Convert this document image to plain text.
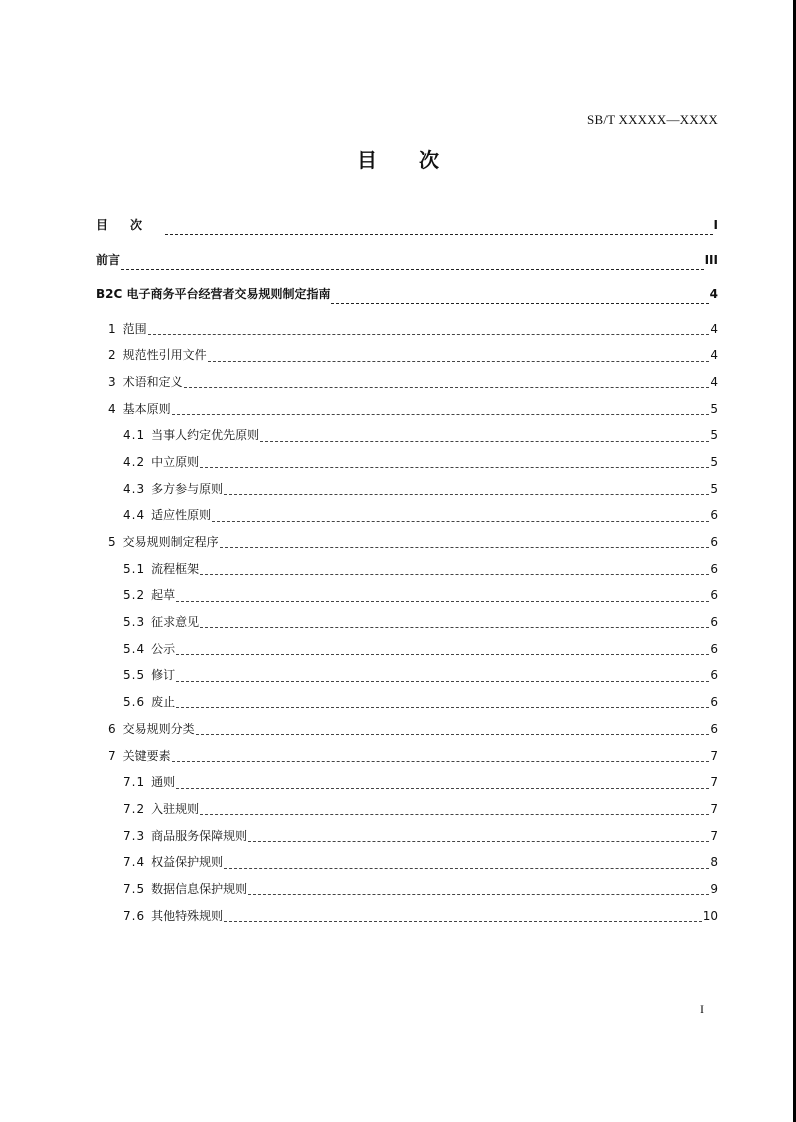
SB/T XXXXX—XXXX
目次
目次	I
前言	III
B2C 电子商务平台经营者交易规则制定指南	4
1 范围	4
2 规范性引用文件	4
3 术语和定义	4
4 基本原则	5
4.1 当事人约定优先原则	5
4.2 中立原则	5
4.3 多方参与原则	5
4.4 适应性原则	6
5 交易规则制定程序	6
5.1 流程框架	6
5.2 起草	6
5.3 征求意见	6
5.4 公示	6
5.5 修订	6
5.6 废止	6
6 交易规则分类	6
7 关键要素	7
7.1 通则	7
7.2 入驻规则	7
7.3 商品服务保障规则	7
7.4 权益保护规则	8
7.5 数据信息保护规则	9
7.6 其他特殊规则	10
I
